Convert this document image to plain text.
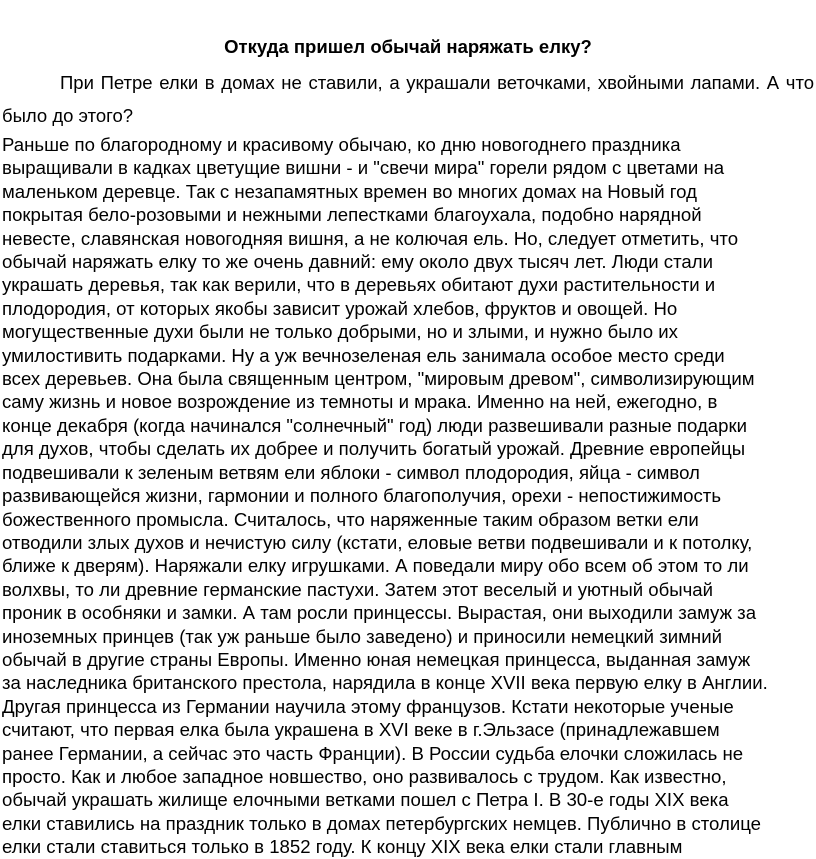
Откуда пришел обычай наряжать елку?

При Петре елки в домах не ставили, а украшали веточками, хвойными лапами. А что было до этого?

Раньше по благородному и красивому обычаю, ко дню новогоднего праздника
выращивали в кадках цветущие вишни - и "свечи мира" горели рядом с цветами на
маленьком деревце. Так с незапамятных времен во многих домах на Новый год
покрытая бело-розовыми и нежными лепестками благоухала, подобно нарядной
невесте, славянская новогодняя вишня, а не колючая ель. Но, следует отметить, что
обычай наряжать елку то же очень давний: ему около двух тысяч лет. Люди стали
украшать деревья, так как верили, что в деревьях обитают духи растительности и
плодородия, от которых якобы зависит урожай хлебов, фруктов и овощей. Но
могущественные духи были не только добрыми, но и злыми, и нужно было их
умилостивить подарками. Ну а уж вечнозеленая ель занимала особое место среди
всех деревьев. Она была священным центром, "мировым древом", символизирующим
саму жизнь и новое возрождение из темноты и мрака. Именно на ней, ежегодно, в
конце декабря (когда начинался "солнечный" год) люди развешивали разные подарки
для духов, чтобы сделать их добрее и получить богатый урожай. Древние европейцы
подвешивали к зеленым ветвям ели яблоки - символ плодородия, яйца - символ
развивающейся жизни, гармонии и полного благополучия, орехи - непостижимость
божественного промысла. Считалось, что наряженные таким образом ветки ели
отводили злых духов и нечистую силу (кстати, еловые ветви подвешивали и к потолку,
ближе к дверям). Наряжали елку игрушками. А поведали миру обо всем об этом то ли
волхвы, то ли древние германские пастухи. Затем этот веселый и уютный обычай
проник в особняки и замки. А там росли принцессы. Вырастая, они выходили замуж за
иноземных принцев (так уж раньше было заведено) и приносили немецкий зимний
обычай в другие страны Европы. Именно юная немецкая принцесса, выданная замуж
за наследника британского престола, нарядила в конце XVII века первую елку в Англии.
Другая принцесса из Германии научила этому французов. Кстати некоторые ученые
считают, что первая елка была украшена в XVI веке в г.Эльзасе (принадлежавшем
ранее Германии, а сейчас это часть Франции). В России судьба елочки сложилась не
просто. Как и любое западное новшество, оно развивалось с трудом. Как известно,
обычай украшать жилище елочными ветками пошел с Петра I. В 30-е годы XIX века
елки ставились на праздник только в домах петербургских немцев. Публично в столице
елки стали ставиться только в 1852 году. К концу XIX века елки стали главным
